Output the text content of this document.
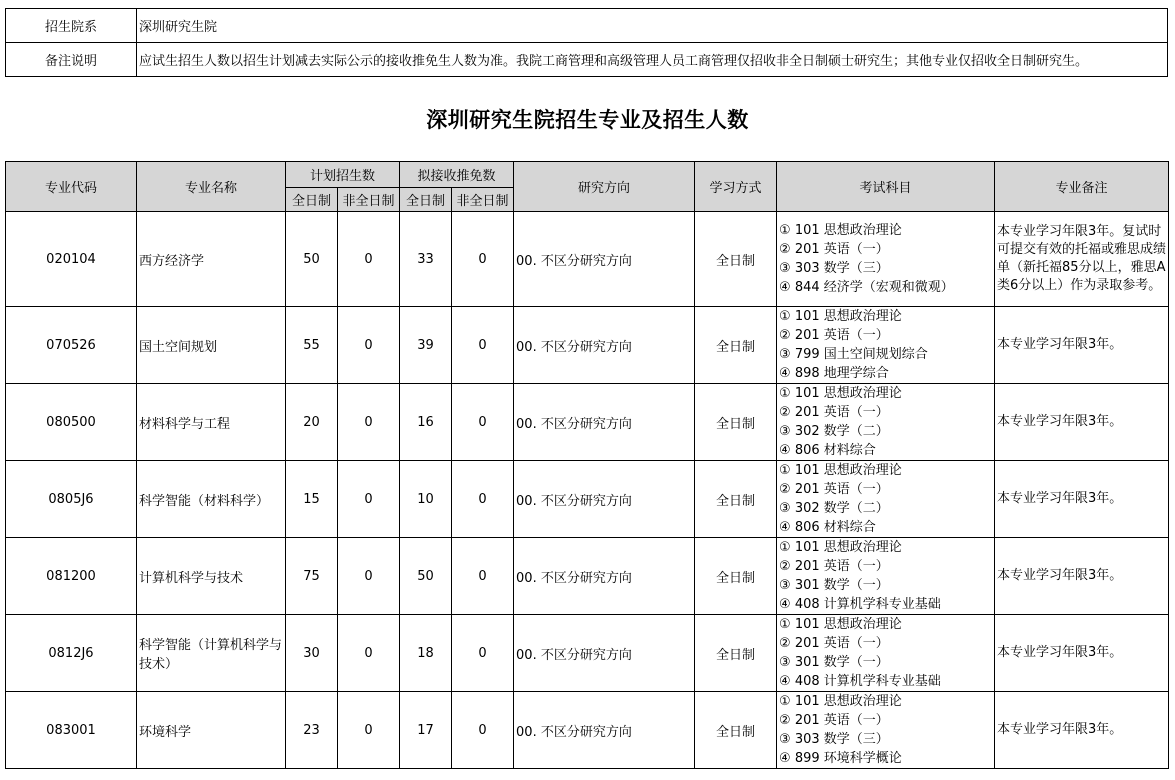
招生院系	深圳研究生院
备注说明	应试生招生人数以招生计划减去实际公示的接收推免生人数为准。我院工商管理和高级管理人员工商管理仅招收非全日制硕士研究生；其他专业仅招收全日制研究生。
深圳研究生院招生专业及招生人数
专业代码	专业名称	计划招生数		拟接收推免数		研究方向	学习方式	考试科目	专业备注
		全日制	非全日制	全日制	非全日制				
020104	西方经济学	50	0	33	0	00. 不区分研究方向	全日制	① 101 思想政治理论
② 201 英语（一）
③ 303 数学（三）
④ 844 经济学（宏观和微观）	本专业学习年限3年。复试时可提交有效的托福或雅思成绩单（新托福85分以上，雅思A类6分以上）作为录取参考。
070526	国土空间规划	55	0	39	0	00. 不区分研究方向	全日制	① 101 思想政治理论
② 201 英语（一）
③ 799 国土空间规划综合
④ 898 地理学综合	本专业学习年限3年。
080500	材料科学与工程	20	0	16	0	00. 不区分研究方向	全日制	① 101 思想政治理论
② 201 英语（一）
③ 302 数学（二）
④ 806 材料综合	本专业学习年限3年。
0805J6	科学智能（材料科学）	15	0	10	0	00. 不区分研究方向	全日制	① 101 思想政治理论
② 201 英语（一）
③ 302 数学（二）
④ 806 材料综合	本专业学习年限3年。
081200	计算机科学与技术	75	0	50	0	00. 不区分研究方向	全日制	① 101 思想政治理论
② 201 英语（一）
③ 301 数学（一）
④ 408 计算机学科专业基础	本专业学习年限3年。
0812J6	科学智能（计算机科学与技术）	30	0	18	0	00. 不区分研究方向	全日制	① 101 思想政治理论
② 201 英语（一）
③ 301 数学（一）
④ 408 计算机学科专业基础	本专业学习年限3年。
083001	环境科学	23	0	17	0	00. 不区分研究方向	全日制	① 101 思想政治理论
② 201 英语（一）
③ 303 数学（三）
④ 899 环境科学概论	本专业学习年限3年。
